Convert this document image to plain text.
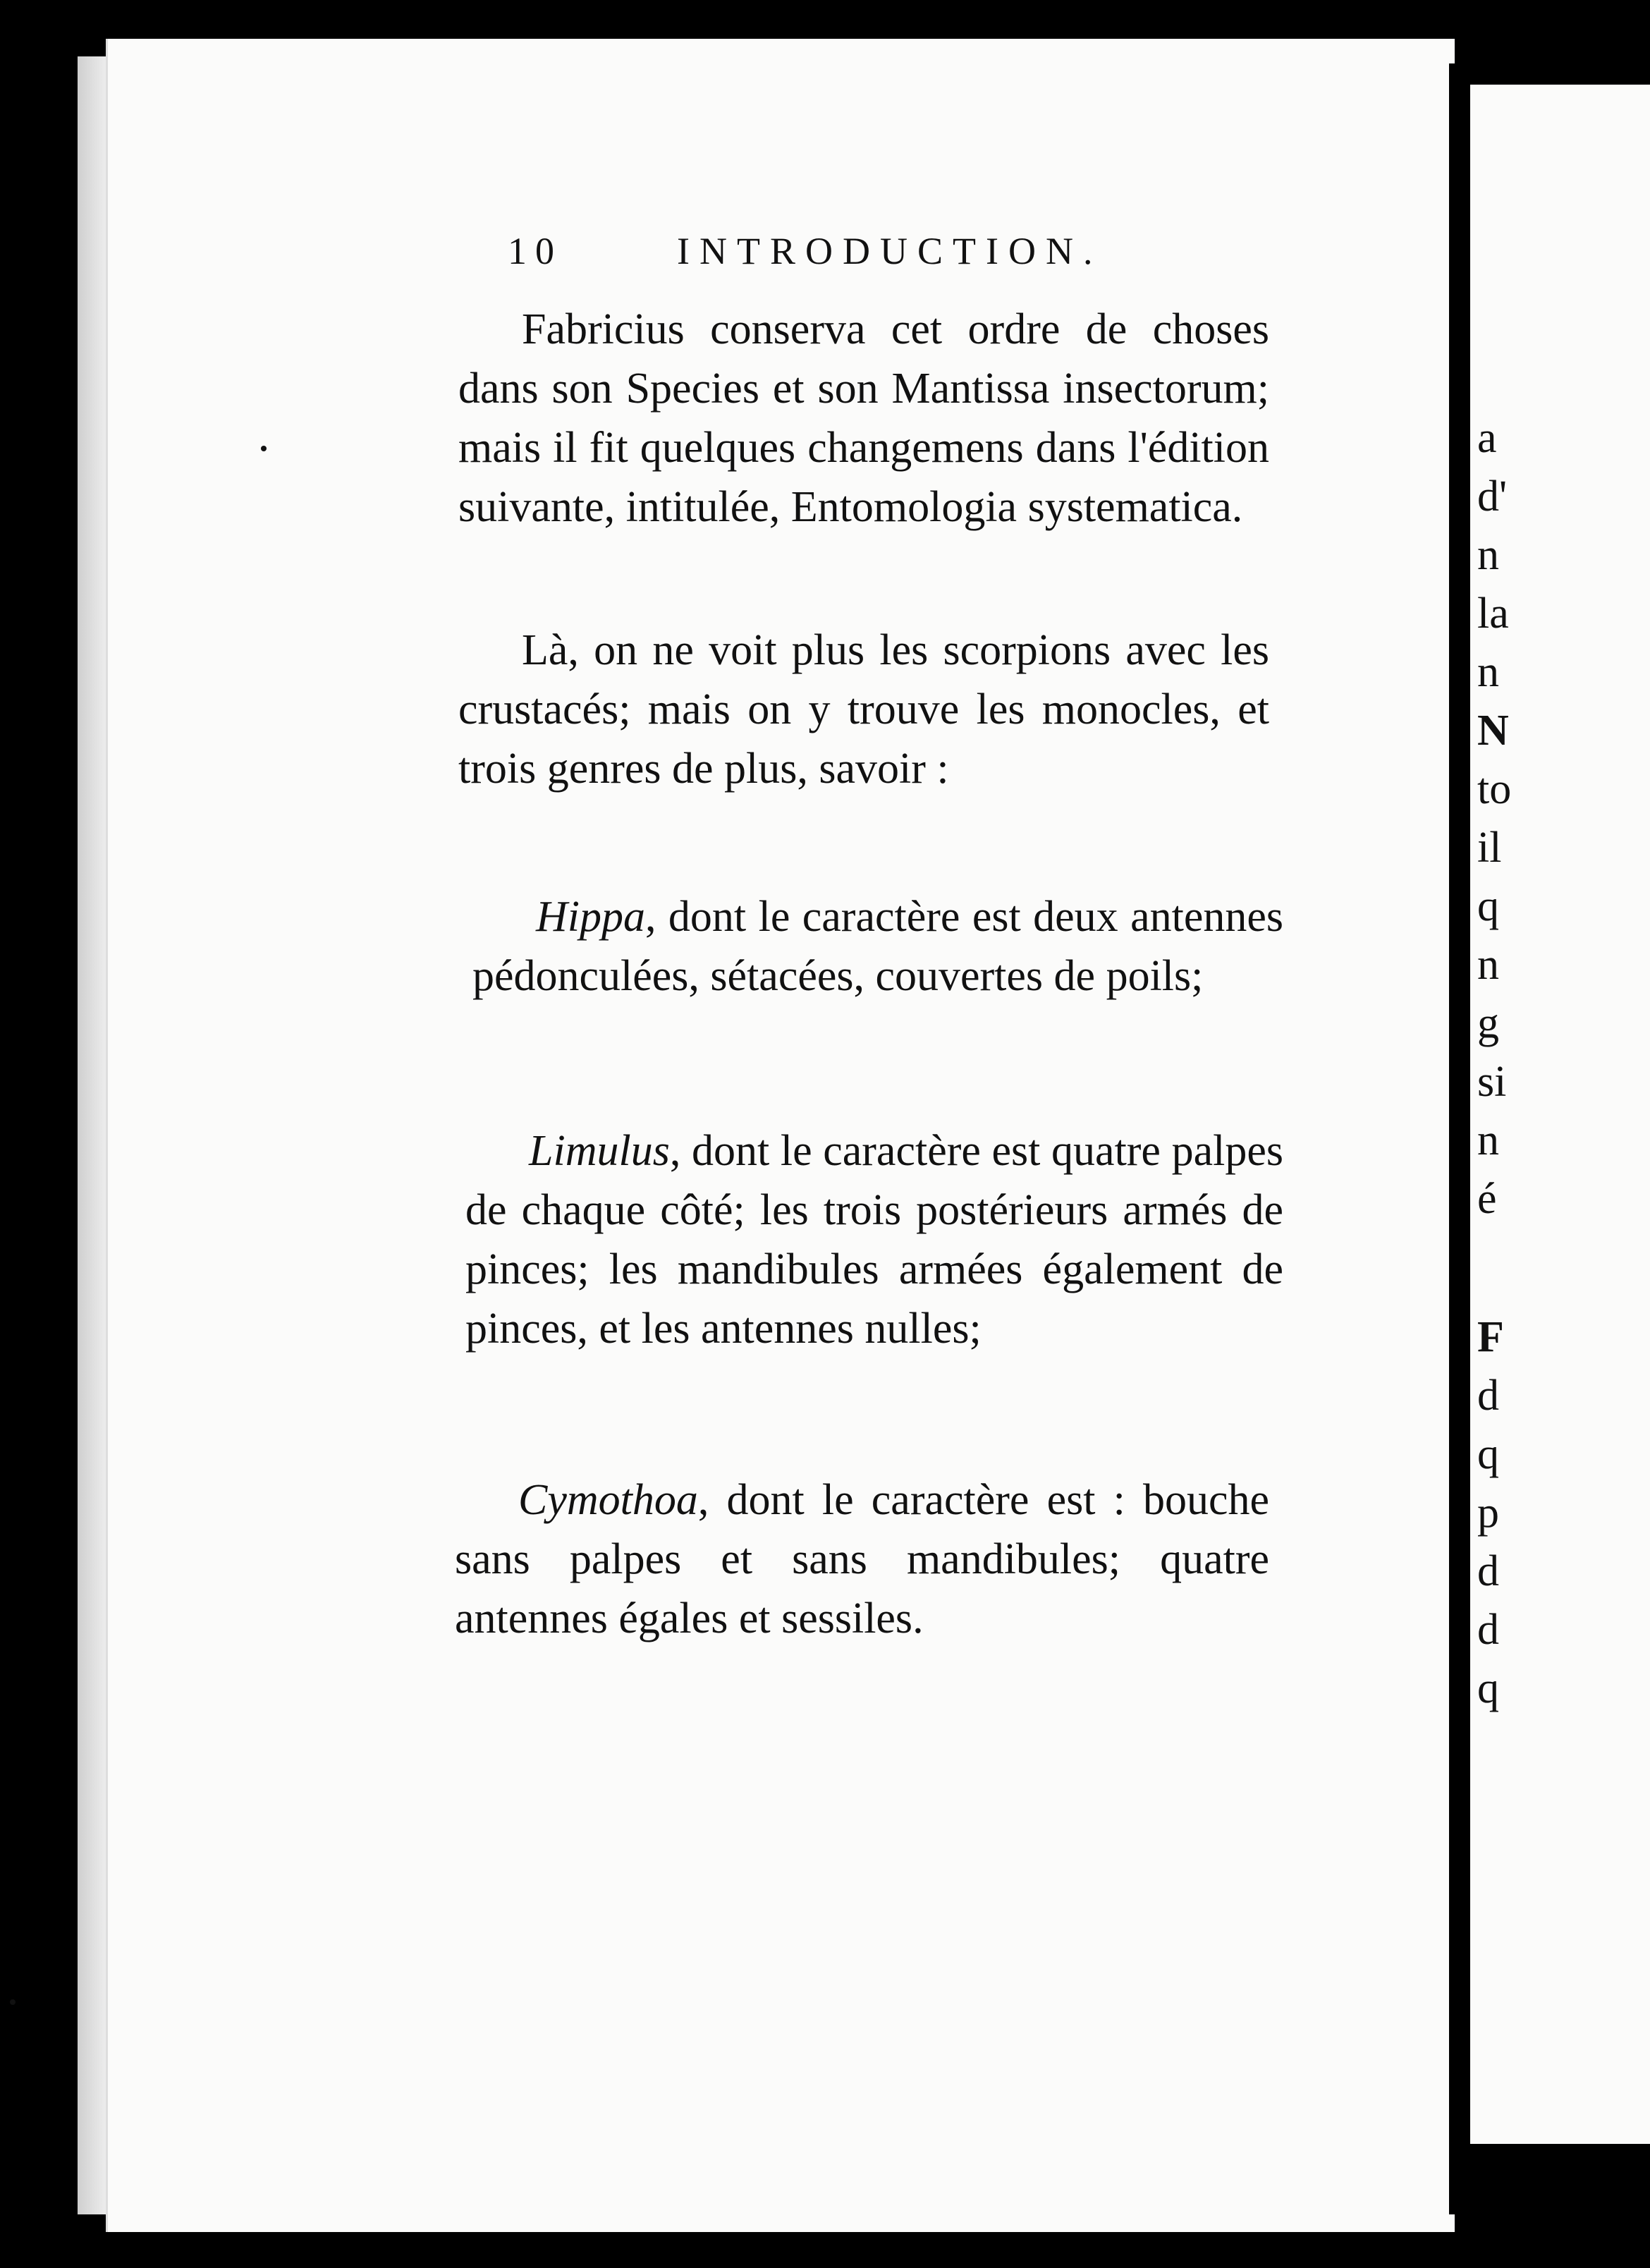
a
d'
n
la
n
N
to
il
q
n
g
si
n
é
F
d
q
p
d
d
q
10	INTRODUCTION.

Fabricius conserva cet ordre de choses dans son Species et son Mantissa insectorum; mais il fit quelques changemens dans l'édition suivante, intitulée, Entomologia systematica.

Là, on ne voit plus les scorpions avec les crustacés; mais on y trouve les monocles, et trois genres de plus, savoir :

Hippa, dont le caractère est deux antennes pédonculées, sétacées, couvertes de poils;

Limulus, dont le caractère est quatre palpes de chaque côté; les trois postérieurs armés de pinces; les mandibules armées également de pinces, et les antennes nulles;

Cymothoa, dont le caractère est : bouche sans palpes et sans mandibules; quatre antennes égales et sessiles.
